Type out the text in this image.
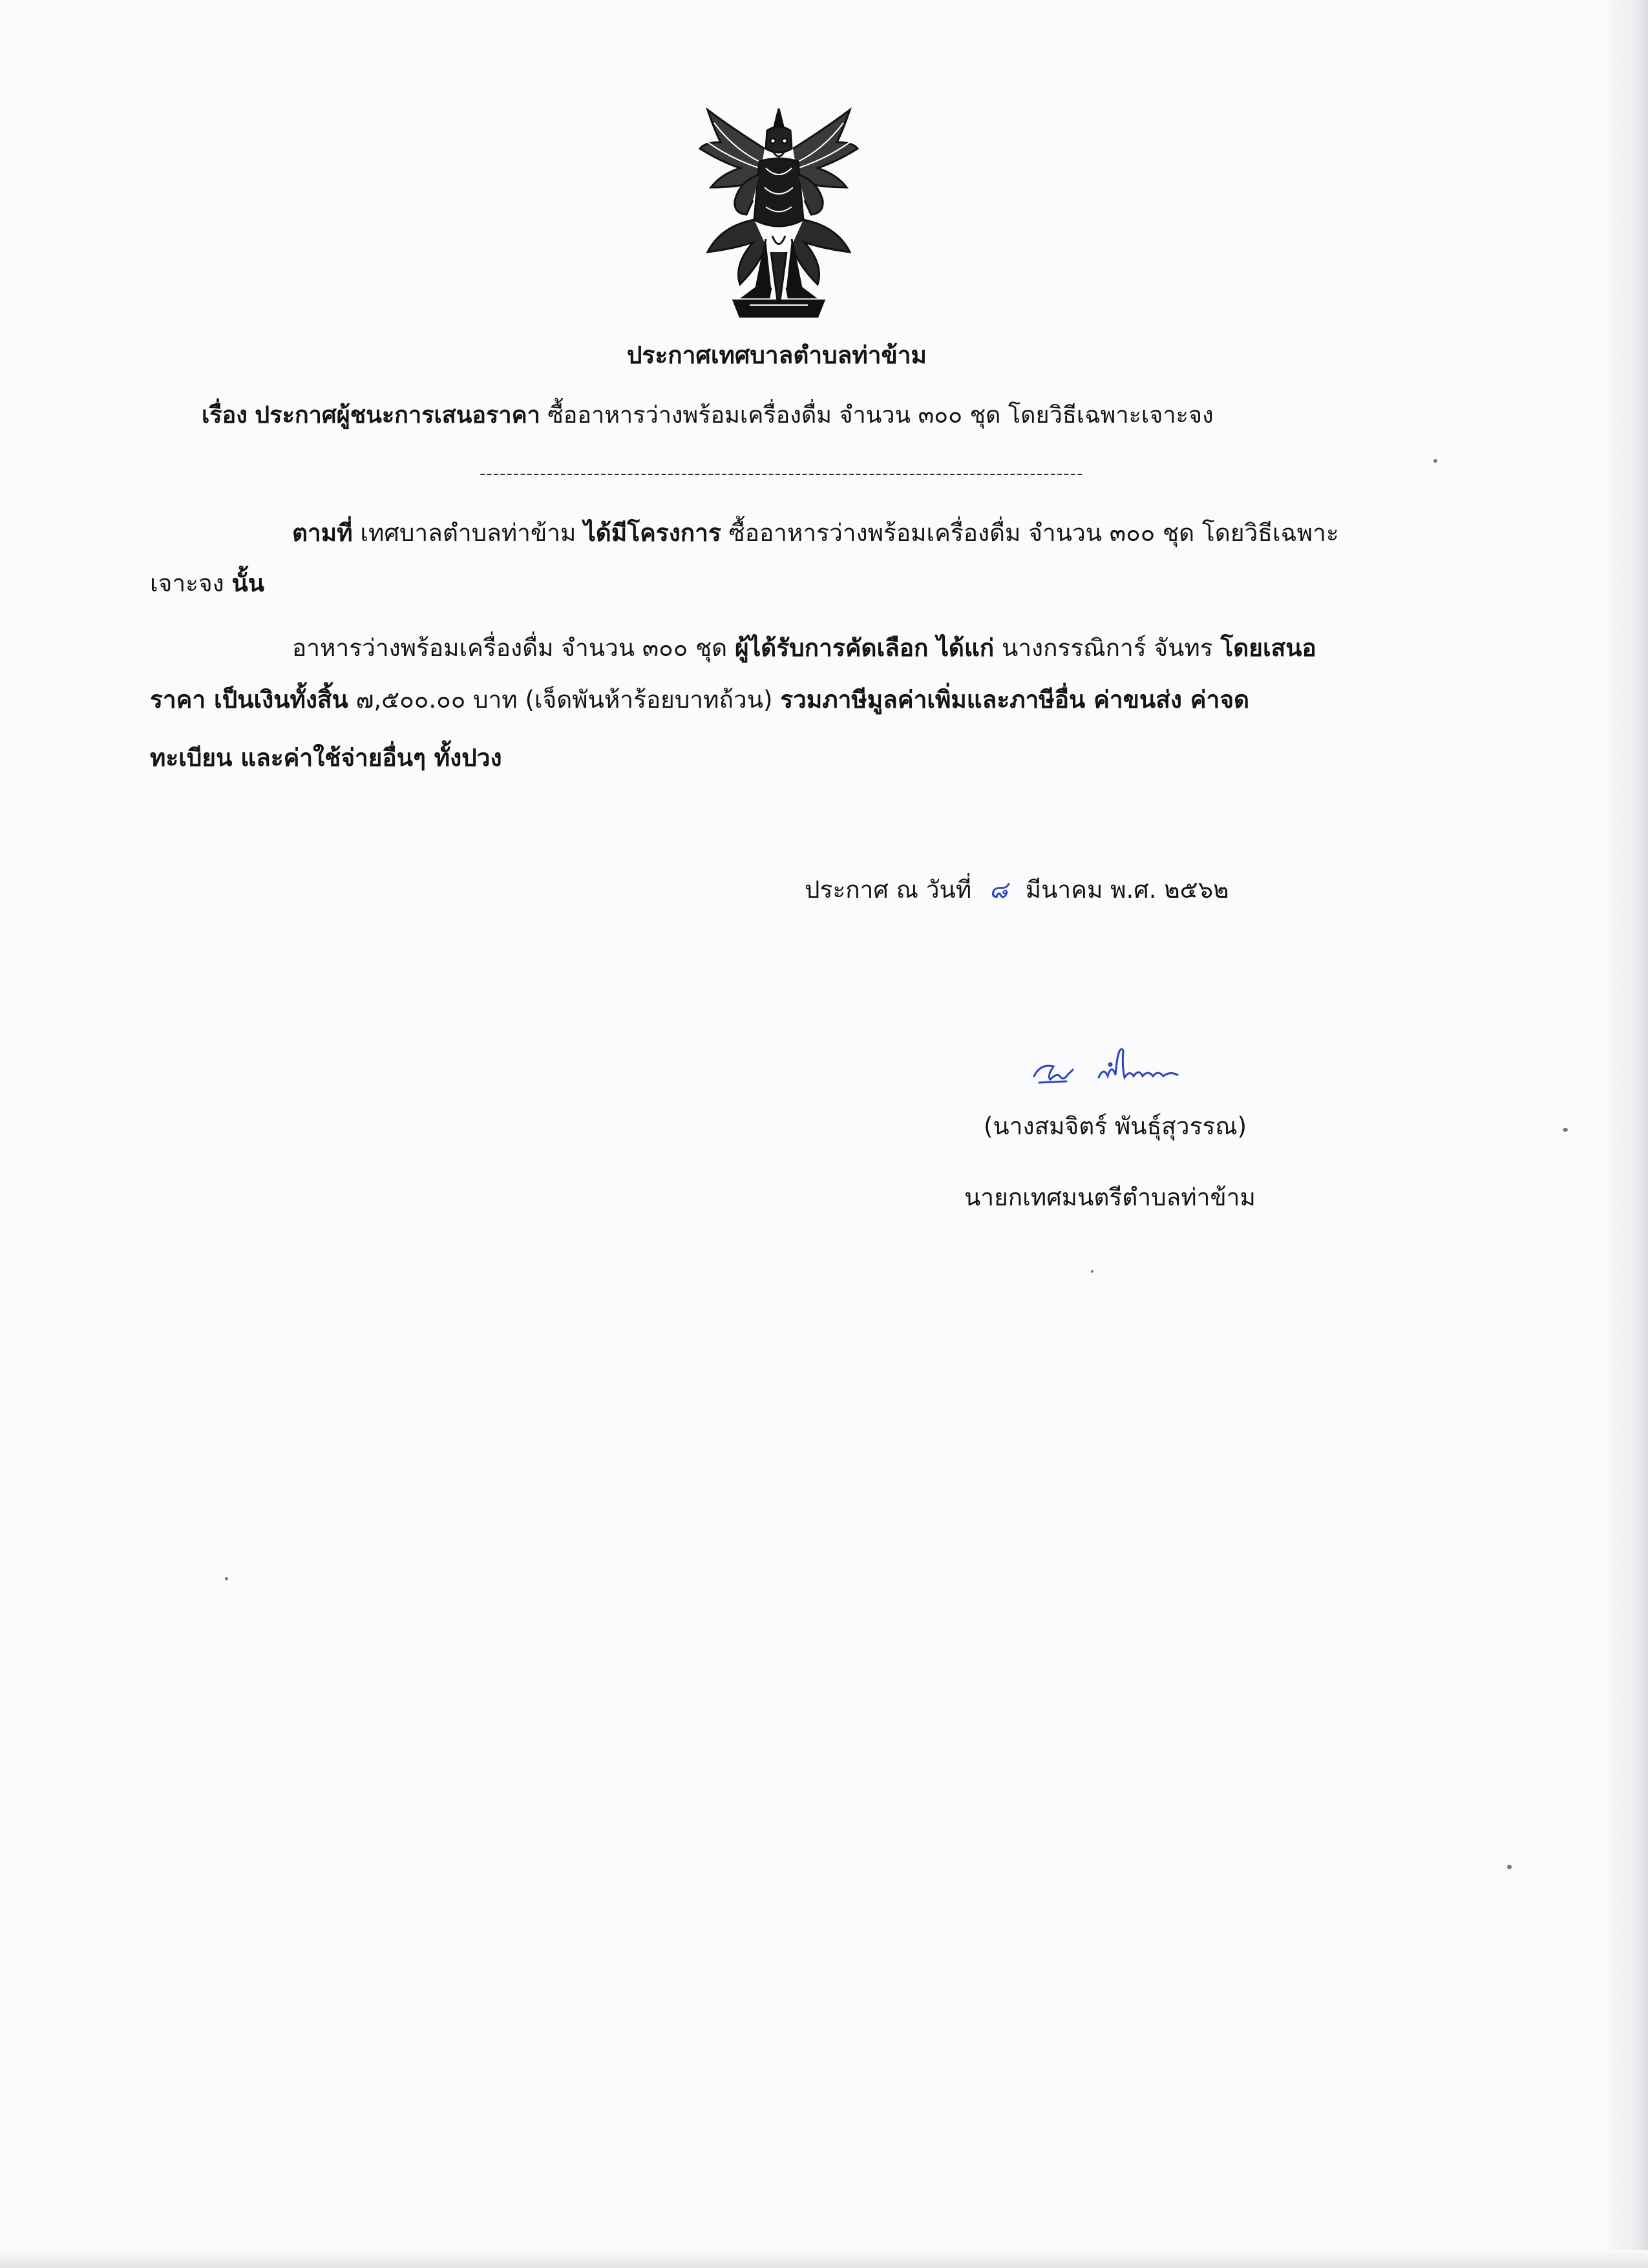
ประกาศเทศบาลตำบลท่าข้าม
เรื่อง ประกาศผู้ชนะการเสนอราคา ซื้ออาหารว่างพร้อมเครื่องดื่ม จำนวน ๓๐๐ ชุด โดยวิธีเฉพาะเจาะจง
------------------------------------------------------------------------------------------
ตามที่ เทศบาลตำบลท่าข้าม ได้มีโครงการ ซื้ออาหารว่างพร้อมเครื่องดื่ม จำนวน ๓๐๐ ชุด โดยวิธีเฉพาะ
เจาะจง นั้น
อาหารว่างพร้อมเครื่องดื่ม จำนวน ๓๐๐ ชุด ผู้ได้รับการคัดเลือก ได้แก่ นางกรรณิการ์ จันทร โดยเสนอ
ราคา เป็นเงินทั้งสิ้น ๗,๕๐๐.๐๐ บาท (เจ็ดพันห้าร้อยบาทถ้วน) รวมภาษีมูลค่าเพิ่มและภาษีอื่น ค่าขนส่ง ค่าจด
ทะเบียน และค่าใช้จ่ายอื่นๆ ทั้งปวง
ประกาศ ณ วันที่ ๘ มีนาคม พ.ศ. ๒๕๖๒
(นางสมจิตร์ พันธุ์สุวรรณ)
นายกเทศมนตรีตำบลท่าข้าม
